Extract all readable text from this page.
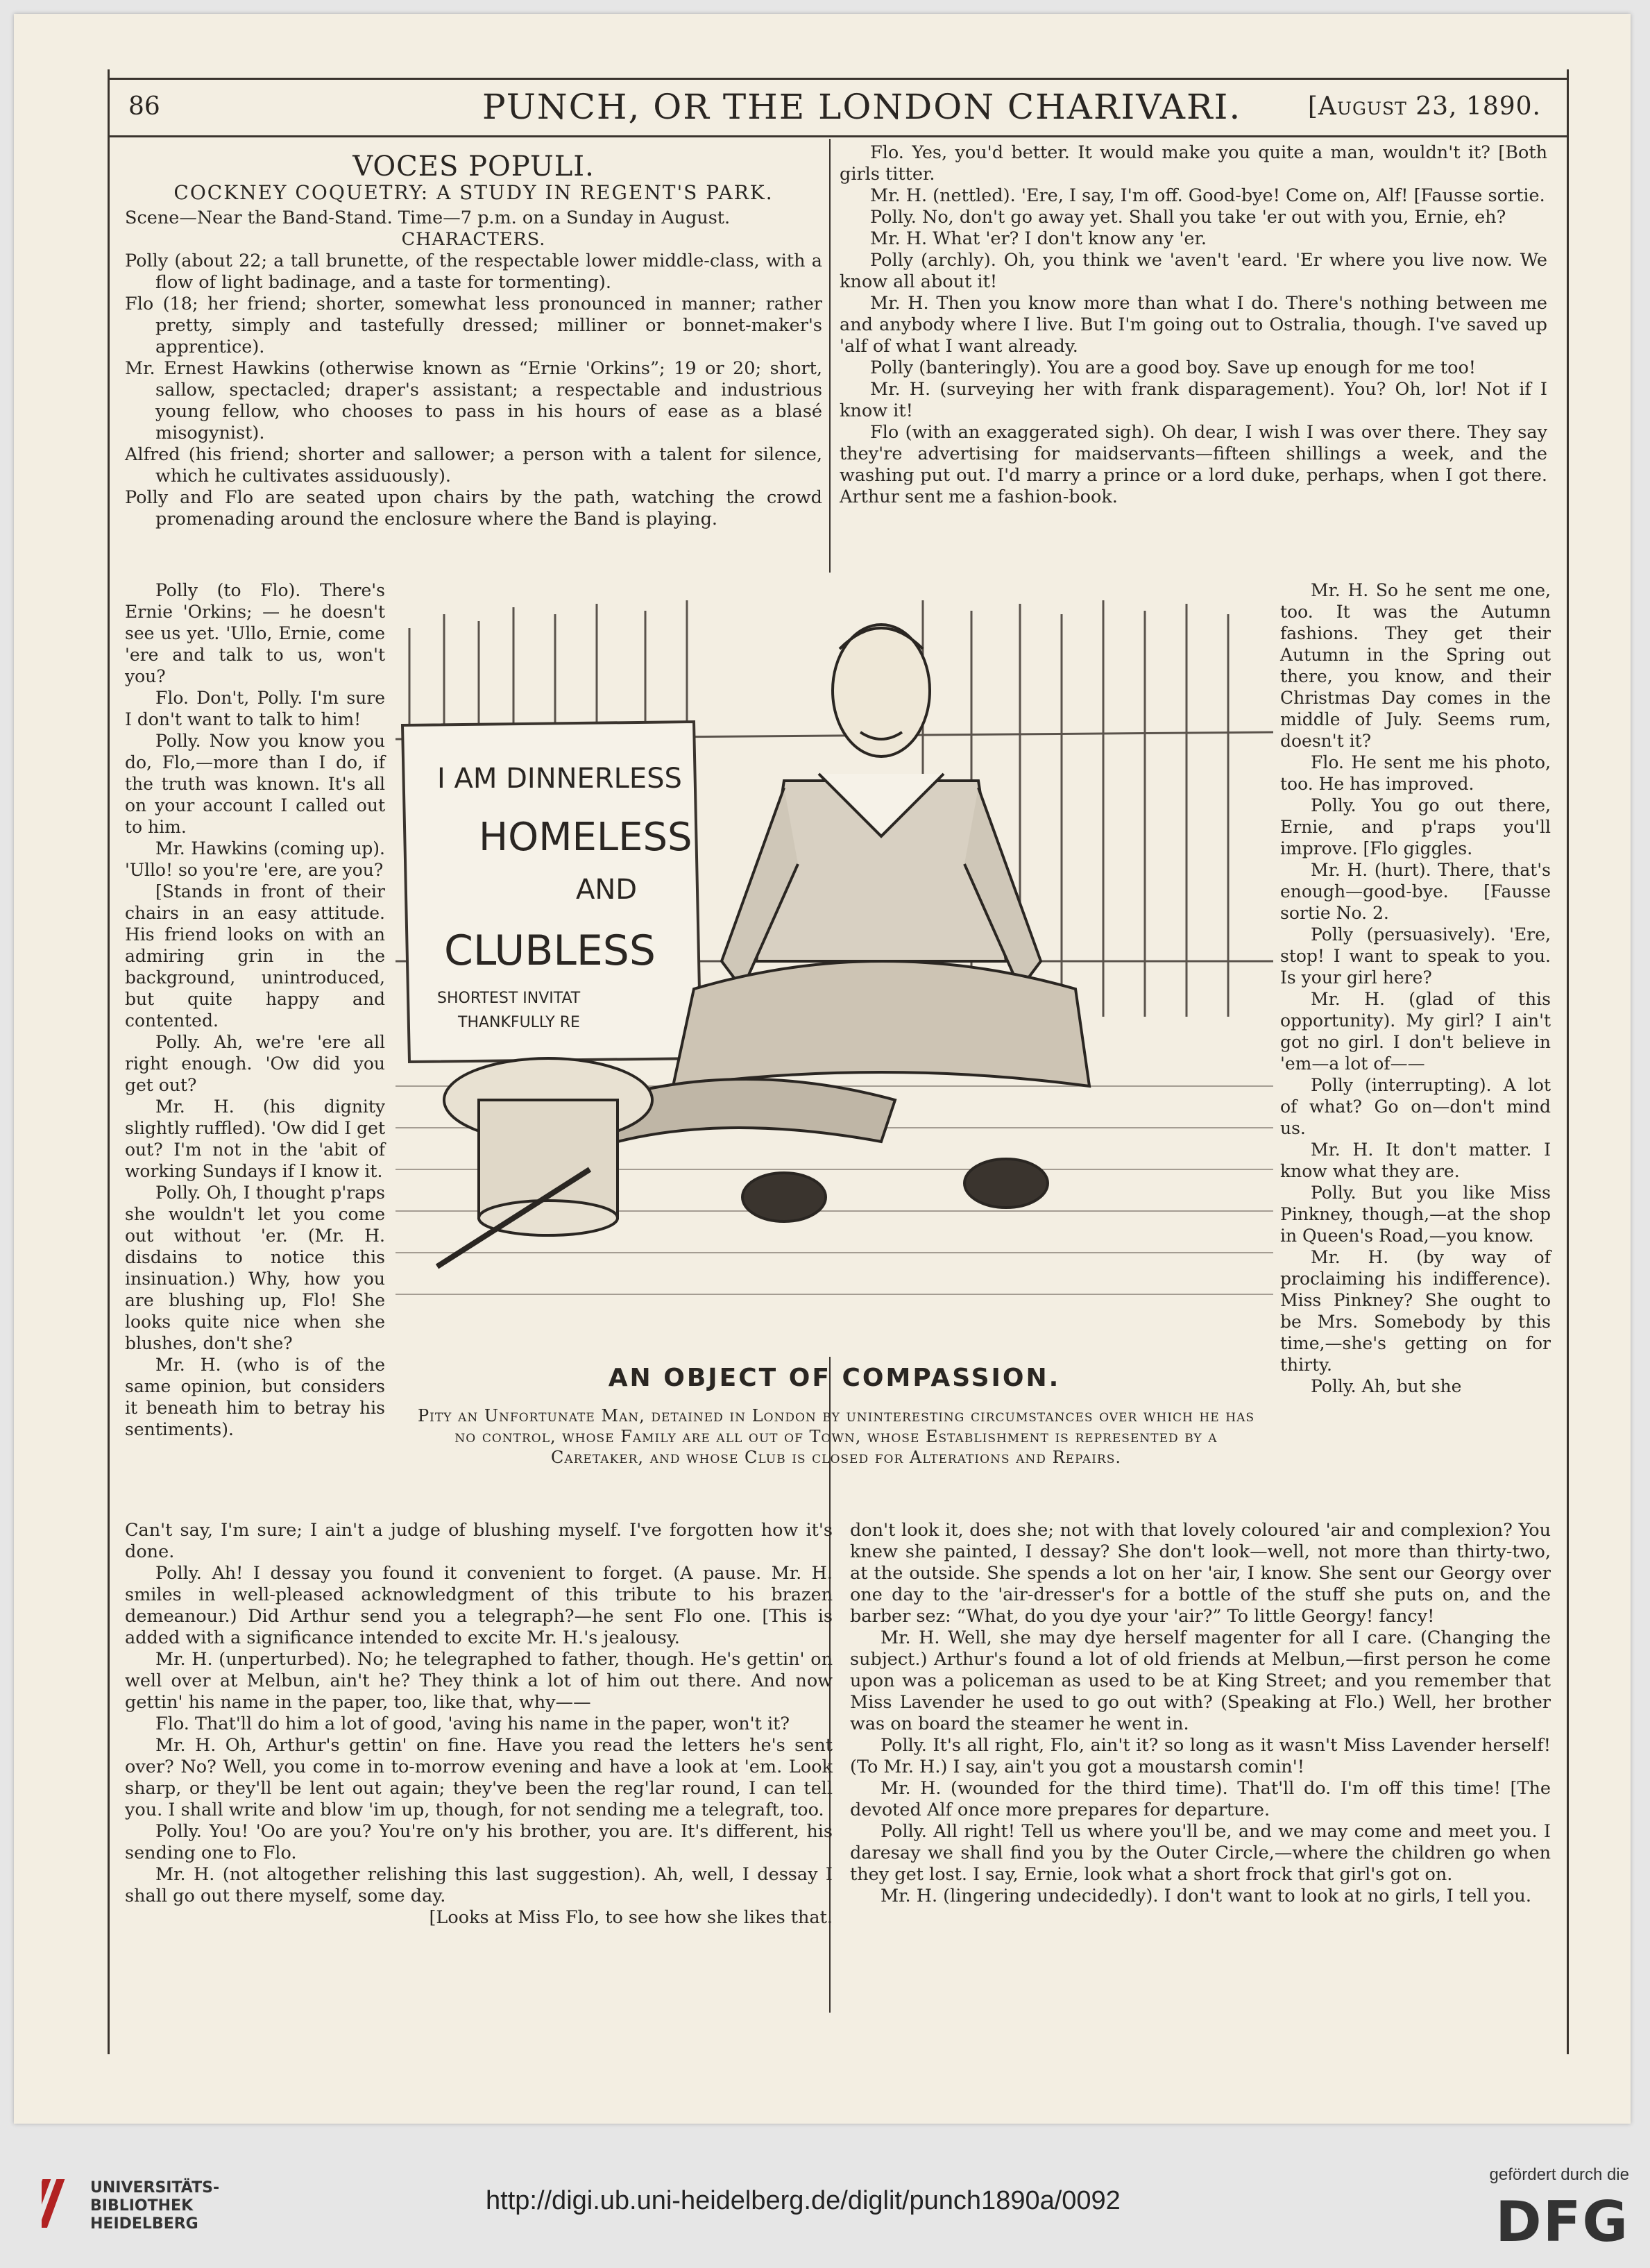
86	PUNCH, OR THE LONDON CHARIVARI.	[August 23, 1890.
VOCES POPULI.
COCKNEY COQUETRY: A STUDY IN REGENT'S PARK.

Scene—Near the Band-Stand. Time—7 p.m. on a Sunday in August.

CHARACTERS.

Polly (about 22; a tall brunette, of the respectable lower middle-class, with a flow of light badinage, and a taste for tormenting).

Flo (18; her friend; shorter, somewhat less pronounced in manner; rather pretty, simply and tastefully dressed; milliner or bonnet-maker's apprentice).

Mr. Ernest Hawkins (otherwise known as “Ernie 'Orkins”; 19 or 20; short, sallow, spectacled; draper's assistant; a respectable and industrious young fellow, who chooses to pass in his hours of ease as a blasé misogynist).

Alfred (his friend; shorter and sallower; a person with a talent for silence, which he cultivates assiduously).

Polly and Flo are seated upon chairs by the path, watching the crowd promenading around the enclosure where the Band is playing.

Polly (to Flo). There's Ernie 'Orkins; — he doesn't see us yet. 'Ullo, Ernie, come 'ere and talk to us, won't you?

Flo. Don't, Polly. I'm sure I don't want to talk to him!

Polly. Now you know you do, Flo,—more than I do, if the truth was known. It's all on your account I called out to him.

Mr. Hawkins (coming up). 'Ullo! so you're 'ere, are you?

[Stands in front of their chairs in an easy attitude. His friend looks on with an admiring grin in the background, unintroduced, but quite happy and contented.

Polly. Ah, we're 'ere all right enough. 'Ow did you get out?

Mr. H. (his dignity slightly ruffled). 'Ow did I get out? I'm not in the 'abit of working Sundays if I know it.

Polly. Oh, I thought p'raps she wouldn't let you come out without 'er. (Mr. H. disdains to notice this insinuation.) Why, how you are blushing up, Flo! She looks quite nice when she blushes, don't she?

Mr. H. (who is of the same opinion, but considers it beneath him to betray his sentiments).

Can't say, I'm sure; I ain't a judge of blushing myself. I've forgotten how it's done.

Polly. Ah! I dessay you found it convenient to forget. (A pause. Mr. H. smiles in well-pleased acknowledgment of this tribute to his brazen demeanour.) Did Arthur send you a telegraph?—he sent Flo one. [This is added with a significance intended to excite Mr. H.'s jealousy.

Mr. H. (unperturbed). No; he telegraphed to father, though. He's gettin' on well over at Melbun, ain't he? They think a lot of him out there. And now gettin' his name in the paper, too, like that, why——

Flo. That'll do him a lot of good, 'aving his name in the paper, won't it?

Mr. H. Oh, Arthur's gettin' on fine. Have you read the letters he's sent over? No? Well, you come in to-morrow evening and have a look at 'em. Look sharp, or they'll be lent out again; they've been the reg'lar round, I can tell you. I shall write and blow 'im up, though, for not sending me a telegraft, too.

Polly. You! 'Oo are you? You're on'y his brother, you are. It's different, his sending one to Flo.

Mr. H. (not altogether relishing this last suggestion). Ah, well, I dessay I shall go out there myself, some day.

[Looks at Miss Flo, to see how she likes that.

Flo. Yes, you'd better. It would make you quite a man, wouldn't it? [Both girls titter.

Mr. H. (nettled). 'Ere, I say, I'm off. Good-bye! Come on, Alf! [Fausse sortie.

Polly. No, don't go away yet. Shall you take 'er out with you, Ernie, eh?

Mr. H. What 'er? I don't know any 'er.

Polly (archly). Oh, you think we 'aven't 'eard. 'Er where you live now. We know all about it!

Mr. H. Then you know more than what I do. There's nothing between me and anybody where I live. But I'm going out to Ostralia, though. I've saved up 'alf of what I want already.

Polly (banteringly). You are a good boy. Save up enough for me too!

Mr. H. (surveying her with frank disparagement). You? Oh, lor! Not if I know it!

Flo (with an exaggerated sigh). Oh dear, I wish I was over there. They say they're advertising for maidservants—fifteen shillings a week, and the washing put out. I'd marry a prince or a lord duke, perhaps, when I got there. Arthur sent me a fashion-book.

Mr. H. So he sent me one, too. It was the Autumn fashions. They get their Autumn in the Spring out there, you know, and their Christmas Day comes in the middle of July. Seems rum, doesn't it?

Flo. He sent me his photo, too. He has improved.

Polly. You go out there, Ernie, and p'raps you'll improve. [Flo giggles.

Mr. H. (hurt). There, that's enough—good-bye. [Fausse sortie No. 2.

Polly (persuasively). 'Ere, stop! I want to speak to you. Is your girl here?

Mr. H. (glad of this opportunity). My girl? I ain't got no girl. I don't believe in 'em—a lot of——

Polly (interrupting). A lot of what? Go on—don't mind us.

Mr. H. It don't matter. I know what they are.

Polly. But you like Miss Pinkney, though,—at the shop in Queen's Road,—you know.

Mr. H. (by way of proclaiming his indifference). Miss Pinkney? She ought to be Mrs. Somebody by this time,—she's getting on for thirty.

Polly. Ah, but she

don't look it, does she; not with that lovely coloured 'air and complexion? You knew she painted, I dessay? She don't look—well, not more than thirty-two, at the outside. She spends a lot on her 'air, I know. She sent our Georgy over one day to the 'air-dresser's for a bottle of the stuff she puts on, and the barber sez: “What, do you dye your 'air?” To little Georgy! fancy!

Mr. H. Well, she may dye herself magenter for all I care. (Changing the subject.) Arthur's found a lot of old friends at Melbun,—first person he come upon was a policeman as used to be at King Street; and you remember that Miss Lavender he used to go out with? (Speaking at Flo.) Well, her brother was on board the steamer he went in.

Polly. It's all right, Flo, ain't it? so long as it wasn't Miss Lavender herself! (To Mr. H.) I say, ain't you got a moustarsh comin'!

Mr. H. (wounded for the third time). That'll do. I'm off this time! [The devoted Alf once more prepares for departure.

Polly. All right! Tell us where you'll be, and we may come and meet you. I daresay we shall find you by the Outer Circle,—where the children go when they get lost. I say, Ernie, look what a short frock that girl's got on.

Mr. H. (lingering undecidedly). I don't want to look at no girls, I tell you.

I AM DINNERLESS
HOMELESS
AND
CLUBLESS
SHORTEST INVITAT
THANKFULLY RE
AN OBJECT OF COMPASSION.
Pity an Unfortunate Man, detained in London by uninteresting circumstances over which he has no control, whose Family are all out of Town, whose Establishment is represented by a Caretaker, and whose Club is closed for Alterations and Repairs.
UNIVERSITÄTS-
BIBLIOTHEK
HEIDELBERG
http://digi.ub.uni-heidelberg.de/diglit/punch1890a/0092
gefördert durch die
DFG
